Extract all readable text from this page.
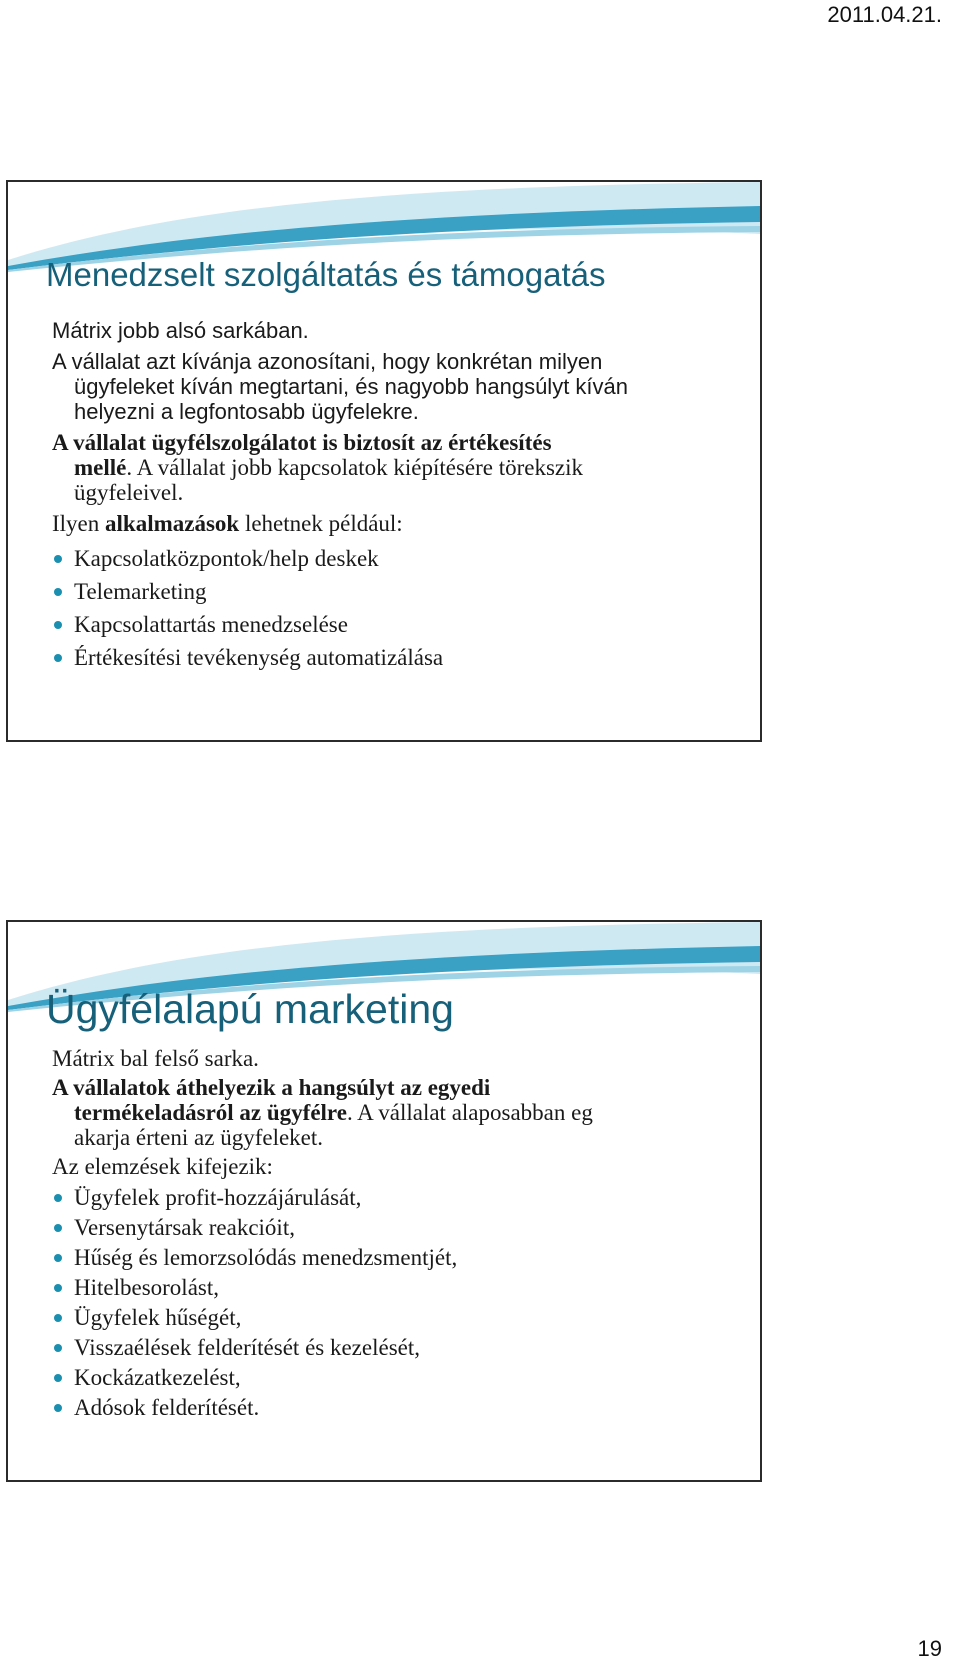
2011.04.21.
Menedzselt szolgáltatás és támogatás
Mátrix jobb alsó sarkában.
A vállalat azt kívánja azonosítani, hogy konkrétan milyen
ügyfeleket kíván megtartani, és nagyobb hangsúlyt kíván
helyezni a legfontosabb ügyfelekre.
A vállalat ügyfélszolgálatot is biztosít az értékesítés
mellé. A vállalat jobb kapcsolatok kiépítésére törekszik
ügyfeleivel.
Ilyen alkalmazások lehetnek például:
Kapcsolatközpontok/help deskek
Telemarketing
Kapcsolattartás menedzselése
Értékesítési tevékenység automatizálása
Ügyfélalapú marketing
Mátrix bal felső sarka.
A vállalatok áthelyezik a hangsúlyt az egyedi
termékeladásról az ügyfélre. A vállalat alaposabban eg
akarja érteni az ügyfeleket.
Az elemzések kifejezik:
Ügyfelek profit-hozzájárulását,
Versenytársak reakcióit,
Hűség és lemorzsolódás menedzsmentjét,
Hitelbesorolást,
Ügyfelek hűségét,
Visszaélések felderítését és kezelését,
Kockázatkezelést,
Adósok felderítését.
19
